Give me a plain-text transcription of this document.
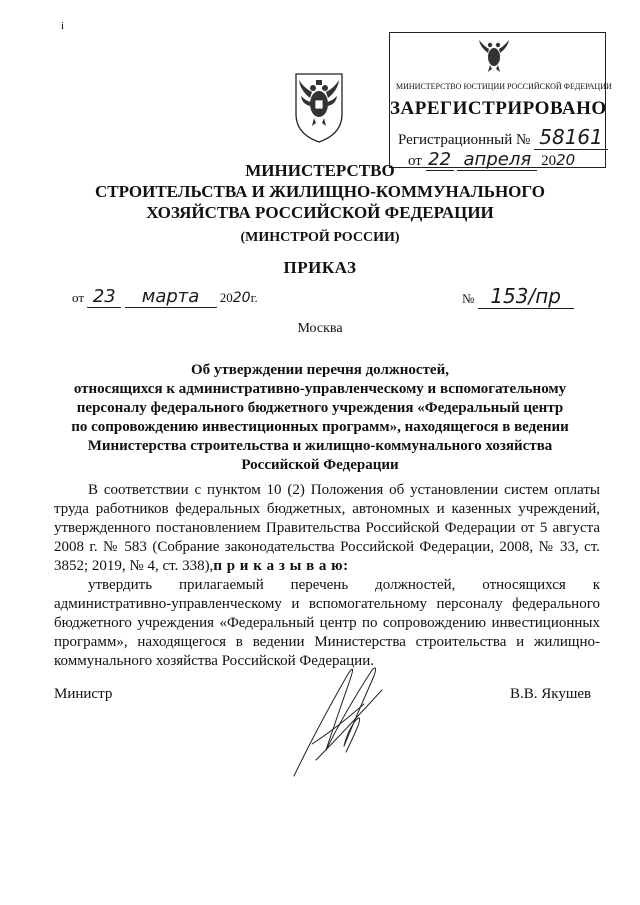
i
МИНИСТЕРСТВО ЮСТИЦИИ РОССИЙСКОЙ ФЕДЕРАЦИИ
ЗАРЕГИСТРИРОВАНО
Регистрационный № 58161
от 22 апреля 2020
МИНИСТЕРСТВО
СТРОИТЕЛЬСТВА И ЖИЛИЩНО-КОММУНАЛЬНОГО
ХОЗЯЙСТВА РОССИЙСКОЙ ФЕДЕРАЦИИ
(МИНСТРОЙ РОССИИ)
ПРИКАЗ
от 23 марта 2020г.	№ 153/пр
Москва
Об утверждении перечня должностей,
относящихся к административно-управленческому и вспомогательному
персоналу федерального бюджетного учреждения «Федеральный центр
по сопровождению инвестиционных программ», находящегося в ведении
Министерства строительства и жилищно-коммунального хозяйства
Российской Федерации
В соответствии с пунктом 10 (2) Положения об установлении систем оплаты труда работников федеральных бюджетных, автономных и казенных учреждений, утвержденного постановлением Правительства Российской Федерации от 5 августа 2008 г. № 583 (Собрание законодательства Российской Федерации, 2008, № 33, ст. 3852; 2019, № 4, ст. 338),п р и к а з ы в а ю:
утвердить прилагаемый перечень должностей, относящихся к административно-управленческому и вспомогательному персоналу федерального бюджетного учреждения «Федеральный центр по сопровождению инвестиционных программ», находящегося в ведении Министерства строительства и жилищно-коммунального хозяйства Российской Федерации.
Министр	В.В. Якушев
